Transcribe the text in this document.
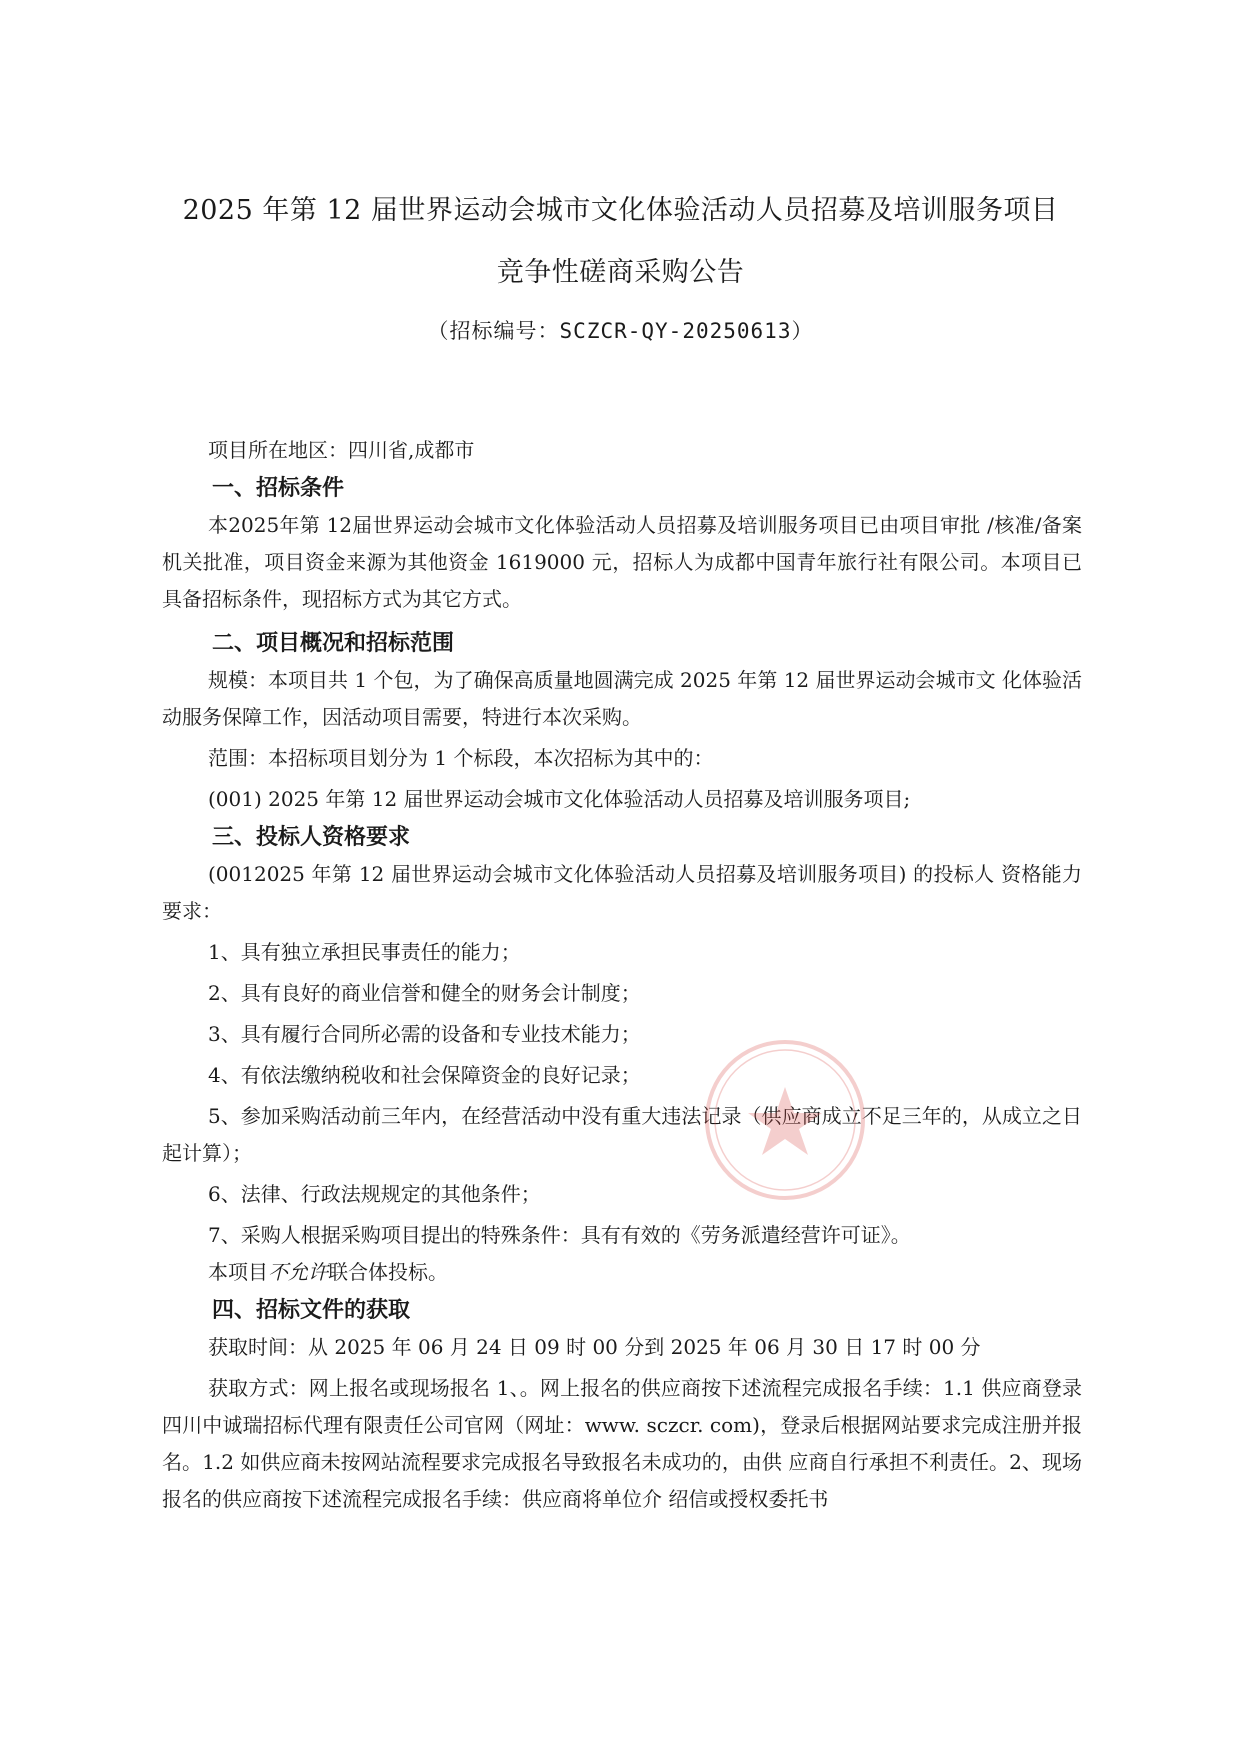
2025 年第 12 届世界运动会城市文化体验活动人员招募及培训服务项目
竞争性磋商采购公告
（招标编号：SCZCR-QY-20250613）

项目所在地区：四川省,成都市

一、招标条件

本2025年第 12届世界运动会城市文化体验活动人员招募及培训服务项目已由项目审批 /核准/备案机关批准，项目资金来源为其他资金 1619000 元，招标人为成都中国青年旅行社有限公司。本项目已具备招标条件，现招标方式为其它方式。

二、项目概况和招标范围

规模：本项目共 1 个包，为了确保高质量地圆满完成 2025 年第 12 届世界运动会城市文 化体验活动服务保障工作，因活动项目需要，特进行本次采购。

范围：本招标项目划分为 1 个标段，本次招标为其中的：

(001) 2025 年第 12 届世界运动会城市文化体验活动人员招募及培训服务项目;

三、投标人资格要求

(0012025 年第 12 届世界运动会城市文化体验活动人员招募及培训服务项目) 的投标人 资格能力要求：

1、具有独立承担民事责任的能力；

2、具有良好的商业信誉和健全的财务会计制度；

3、具有履行合同所必需的设备和专业技术能力；

4、有依法缴纳税收和社会保障资金的良好记录；

5、参加采购活动前三年内，在经营活动中没有重大违法记录（供应商成立不足三年的，从成立之日起计算）；

6、法律、行政法规规定的其他条件；

7、采购人根据采购项目提出的特殊条件：具有有效的《劳务派遣经营许可证》。

本项目不允许联合体投标。

四、招标文件的获取

获取时间：从 2025 年 06 月 24 日 09 时 00 分到 2025 年 06 月 30 日 17 时 00 分

获取方式：网上报名或现场报名 1、。网上报名的供应商按下述流程完成报名手续：1.1 供应商登录四川中诚瑞招标代理有限责任公司官网（网址：www. sczcr. com)，登录后根据网站要求完成注册并报名。1.2 如供应商未按网站流程要求完成报名导致报名未成功的，由供 应商自行承担不利责任。2、现场报名的供应商按下述流程完成报名手续：供应商将单位介 绍信或授权委托书
